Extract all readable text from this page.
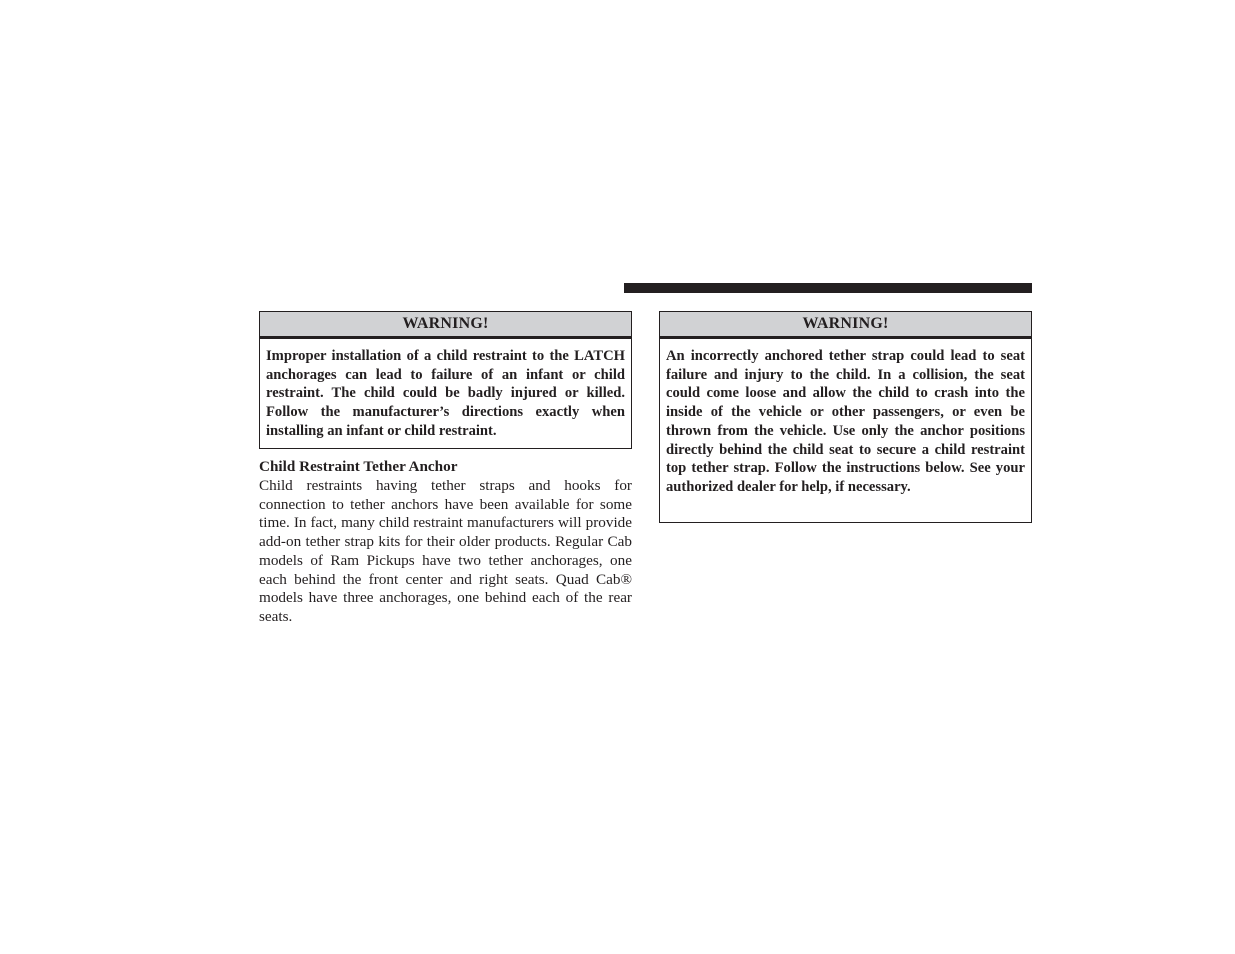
WARNING!
Improper installation of a child restraint to the LATCH anchorages can lead to failure of an infant or child restraint. The child could be badly injured or killed. Follow the manufacturer’s directions exactly when installing an infant or child restraint.

Child Restraint Tether Anchor

Child restraints having tether straps and hooks for connection to tether anchors have been available for some time. In fact, many child restraint manufacturers will provide add-on tether strap kits for their older products. Regular Cab models of Ram Pickups have two tether anchorages, one each behind the front center and right seats. Quad Cab® models have three anchorages, one behind each of the rear seats.

WARNING!
An incorrectly anchored tether strap could lead to seat failure and injury to the child. In a collision, the seat could come loose and allow the child to crash into the inside of the vehicle or other passengers, or even be thrown from the vehicle. Use only the anchor positions directly behind the child seat to secure a child restraint top tether strap. Follow the instructions below. See your authorized dealer for help, if necessary.
